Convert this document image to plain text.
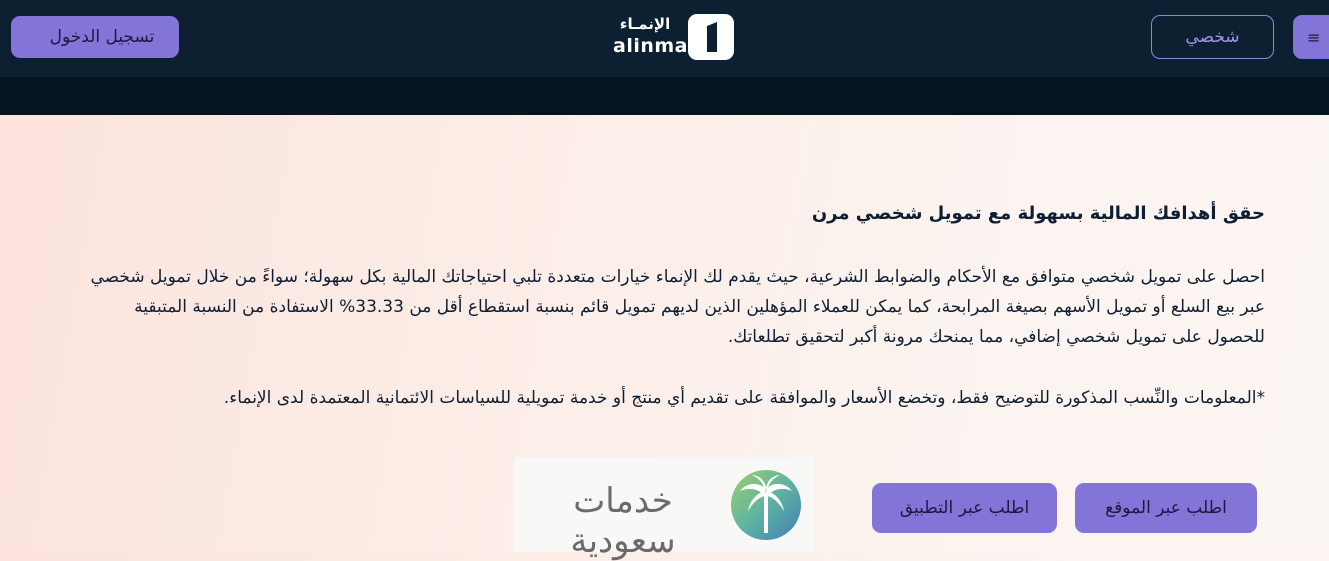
تسجيل الدخول
الإنمـاء
alinma	شخصي	≡
حقق أهدافك المالية بسهولة مع تمويل شخصي مرن
احصل على تمويل شخصي متوافق مع الأحكام والضوابط الشرعية، حيث يقدم لك الإنماء خيارات متعددة تلبي احتياجاتك المالية بكل سهولة؛ سواءً من خلال تمويل شخصي عبر بيع السلع أو تمويل الأسهم بصيغة المرابحة، كما يمكن للعملاء المؤهلين الذين لديهم تمويل قائم بنسبة استقطاع أقل من 33.33% الاستفادة من النسبة المتبقية للحصول على تمويل شخصي إضافي، مما يمنحك مرونة أكبر لتحقيق تطلعاتك.
*المعلومات والنِّسب المذكورة للتوضيح فقط، وتخضع الأسعار والموافقة على تقديم أي منتج أو خدمة تمويلية للسياسات الائتمانية المعتمدة لدى الإنماء.
اطلب عبر الموقع
اطلب عبر التطبيق
خدمات سعودية
